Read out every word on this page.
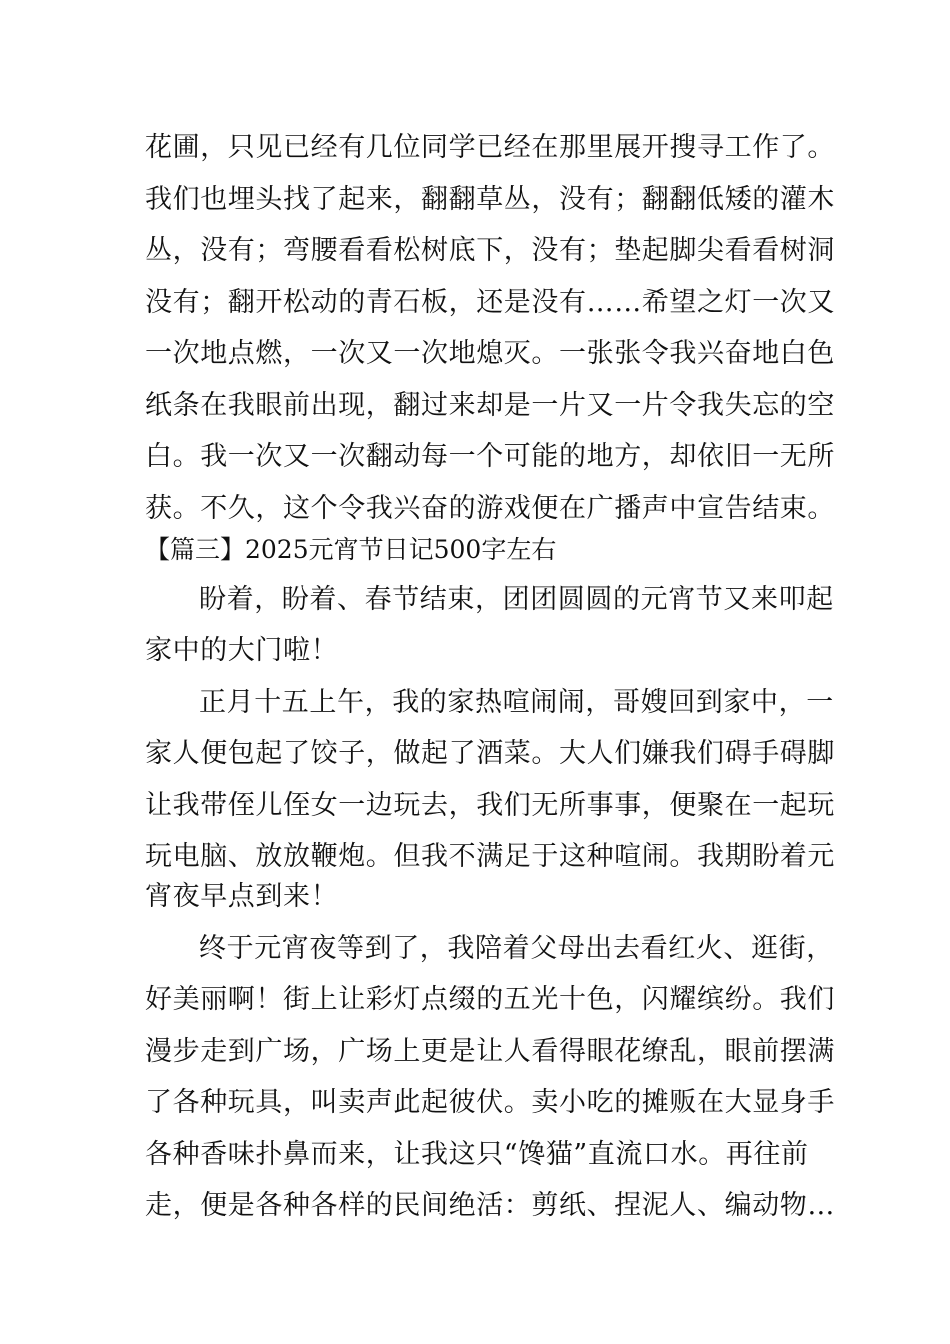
花圃，只见已经有几位同学已经在那里展开搜寻工作了。
我们也埋头找了起来，翻翻草丛，没有；翻翻低矮的灌木
丛，没有；弯腰看看松树底下，没有；垫起脚尖看看树洞
没有；翻开松动的青石板，还是没有……希望之灯一次又
一次地点燃，一次又一次地熄灭。一张张令我兴奋地白色
纸条在我眼前出现，翻过来却是一片又一片令我失忘的空
白。我一次又一次翻动每一个可能的地方，却依旧一无所
获。不久，这个令我兴奋的游戏便在广播声中宣告结束。
【篇三】2025元宵节日记500字左右
盼着，盼着、春节结束，团团圆圆的元宵节又来叩起
家中的大门啦！
正月十五上午，我的家热喧闹闹，哥嫂回到家中，一
家人便包起了饺子，做起了酒菜。大人们嫌我们碍手碍脚
让我带侄儿侄女一边玩去，我们无所事事，便聚在一起玩
玩电脑、放放鞭炮。但我不满足于这种喧闹。我期盼着元
宵夜早点到来！
终于元宵夜等到了，我陪着父母出去看红火、逛街，
好美丽啊！街上让彩灯点缀的五光十色，闪耀缤纷。我们
漫步走到广场，广场上更是让人看得眼花缭乱，眼前摆满
了各种玩具，叫卖声此起彼伏。卖小吃的摊贩在大显身手
各种香味扑鼻而来，让我这只“馋猫”直流口水。再往前
走，便是各种各样的民间绝活：剪纸、捏泥人、编动物…
